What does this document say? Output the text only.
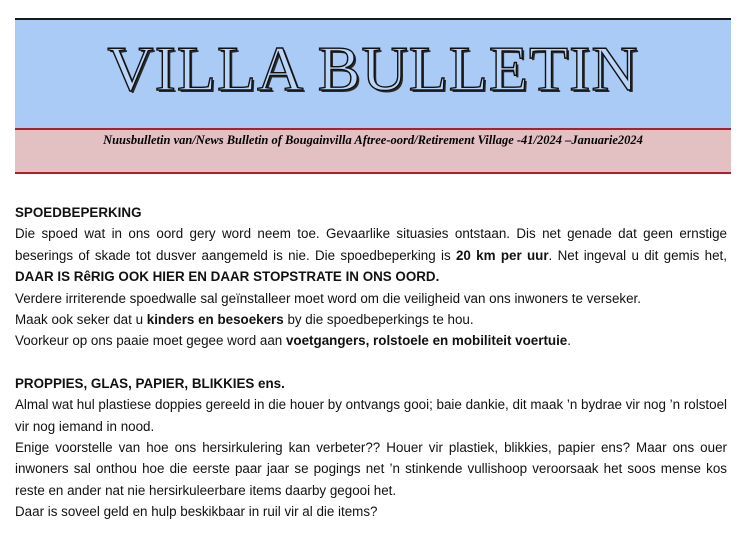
VILLA BULLETIN
Nuusbulletin van/News Bulletin of Bougainvilla Aftree-oord/Retirement Village -41/2024 –Januarie2024

SPOEDBEPERKING

Die spoed wat in ons oord gery word neem toe. Gevaarlike situasies ontstaan. Dis net genade dat geen ernstige beserings of skade tot dusver aangemeld is nie. Die spoedbeperking is 20 km per uur. Net ingeval u dit gemis het, DAAR IS RêRIG OOK HIER EN DAAR STOPSTRATE IN ONS OORD.

Verdere irriterende spoedwalle sal geïnstalleer moet word om die veiligheid van ons inwoners te verseker.

Maak ook seker dat u kinders en besoekers by die spoedbeperkings te hou.

Voorkeur op ons paaie moet gegee word aan voetgangers, rolstoele en mobiliteit voertuie.

PROPPIES, GLAS, PAPIER, BLIKKIES ens.

Almal wat hul plastiese doppies gereeld in die houer by ontvangs gooi; baie dankie, dit maak ’n bydrae vir nog ’n rolstoel vir nog iemand in nood.

Enige voorstelle van hoe ons hersirkulering kan verbeter?? Houer vir plastiek, blikkies, papier ens? Maar ons ouer inwoners sal onthou hoe die eerste paar jaar se pogings net ’n stinkende vullishoop veroorsaak het soos mense kos reste en ander nat nie hersirkuleerbare items daarby gegooi het.

Daar is soveel geld en hulp beskikbaar in ruil vir al die items?
